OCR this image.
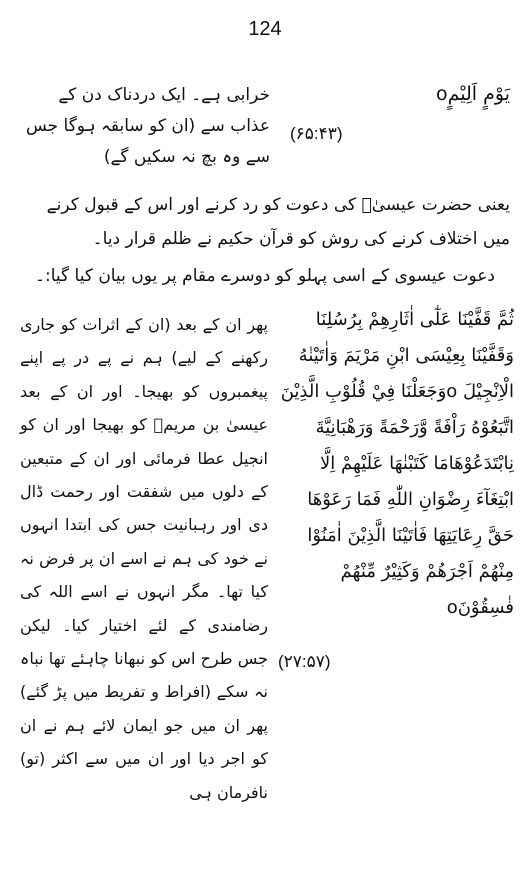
124
يَوْمٍ اَلِيْمٍo
(۶۵:۴۳)
خرابی ہے۔ ایک دردناک دن کے عذاب سے (ان کو سابقہ ہوگا جس سے وہ بچ نہ سکیں گے)
یعنی حضرت عیسیٰؑ کی دعوت کو رد کرنے اور اس کے قبول کرنے میں اختلاف کرنے کی روش کو قرآن حکیم نے ظلم قرار دیا۔
دعوت عیسوی کے اسی پہلو کو دوسرے مقام پر یوں بیان کیا گیا:۔
ثُمَّ قَفَّيْنَا عَلٰٓى اٰثَارِهِمْ بِرُسُلِنَا وَقَفَّيْنَا بِعِيْسَى ابْنِ مَرْيَمَ وَاٰتَيْنٰهُ الْاِنْجِيْلَ oوَجَعَلْنَا فِيْ قُلُوْبِ الَّذِيْنَ اتَّبَعُوْهُ رَاْفَةً وَّرَحْمَةً وَرَهْبَانِيَّةَ نِابْتَدَعُوْهَامَا كَتَبْنٰهَا عَلَيْهِمْ اِلَّا ابْتِغَآءَ رِضْوَانِ اللّٰهِ فَمَا رَعَوْهَا حَقَّ رِعَايَتِهَا فَاٰتَيْنَا الَّذِيْنَ اٰمَنُوْا مِنْهُمْ اَجْرَهُمْ وَكَثِيْرٌ مِّنْهُمْ فٰسِقُوْنَo
(۲۷:۵۷)
پھر ان کے بعد (ان کے اثرات کو جاری رکھنے کے لیے) ہم نے پے در پے اپنے پیغمبروں کو بھیجا۔ اور ان کے بعد عیسیٰ بن مریمؑ کو بھیجا اور ان کو انجیل عطا فرمائی اور ان کے متبعین کے دلوں میں شفقت اور رحمت ڈال دی اور رہبانیت جس کی ابتدا انہوں نے خود کی ہم نے اسے ان پر فرض نہ کیا تھا۔ مگر انہوں نے اسے اللہ کی رضامندی کے لئے اختیار کیا۔ لیکن جس طرح اس کو نبھانا چاہئے تھا نباہ نہ سکے (افراط و تفریط میں پڑ گئے) پھر ان میں جو ایمان لائے ہم نے ان کو اجر دیا اور ان میں سے اکثر (تو) نافرمان ہی
